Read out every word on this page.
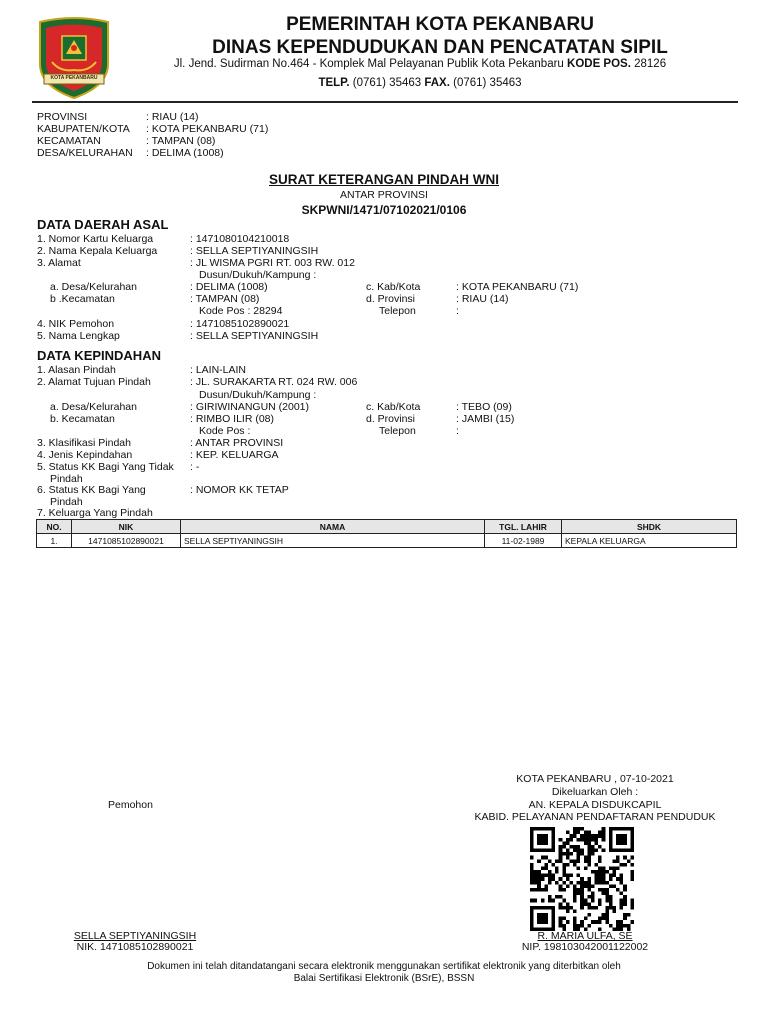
KOTA PEKANBARU
PEMERINTAH KOTA PEKANBARU
DINAS KEPENDUDUKAN DAN PENCATATAN SIPIL
Jl. Jend. Sudirman No.464 - Komplek Mal Pelayanan Publik Kota Pekanbaru KODE POS. 28126
TELP. (0761) 35463 FAX. (0761) 35463
PROVINSI	: RIAU (14)
KABUPATEN/KOTA : KOTA PEKANBARU (71)
KECAMATAN	: TAMPAN (08)
DESA/KELURAHAN : DELIMA (1008)
SURAT KETERANGAN PINDAH WNI
ANTAR PROVINSI
SKPWNI/1471/07102021/0106
DATA DAERAH ASAL
1. Nomor Kartu Keluarga	: 1471080104210018
2. Nama Kepala Keluarga	: SELLA SEPTIYANINGSIH
3. Alamat	: JL WISMA PGRI RT. 003 RW. 012
Dusun/Dukuh/Kampung :
a. Desa/Kelurahan	: DELIMA (1008)	c. Kab/Kota	: KOTA PEKANBARU (71)
b .Kecamatan	: TAMPAN (08)	d. Provinsi	: RIAU (14)
Kode Pos : 28294	Telepon	:
4. NIK Pemohon	: 1471085102890021
5. Nama Lengkap	: SELLA SEPTIYANINGSIH
DATA KEPINDAHAN
1. Alasan Pindah	: LAIN-LAIN
2. Alamat Tujuan Pindah	: JL. SURAKARTA RT. 024 RW. 006
Dusun/Dukuh/Kampung :
a. Desa/Kelurahan	: GIRIWINANGUN (2001)	c. Kab/Kota	: TEBO (09)
b. Kecamatan	: RIMBO ILIR (08)	d. Provinsi	: JAMBI (15)
Kode Pos :	Telepon	:
3. Klasifikasi Pindah	: ANTAR PROVINSI
4. Jenis Kepindahan	: KEP. KELUARGA
5. Status KK Bagi Yang Tidak : -
Pindah
6. Status KK Bagi Yang	: NOMOR KK TETAP
Pindah
7. Keluarga Yang Pindah
NO.	NIK	NAMA	TGL. LAHIR	SHDK
1.	1471085102890021	SELLA SEPTIYANINGSIH	11-02-1989	KEPALA KELUARGA
KOTA PEKANBARU , 07-10-2021
Dikeluarkan Oleh :
AN. KEPALA DISDUKCAPIL
KABID. PELAYANAN PENDAFTARAN PENDUDUK
Pemohon
SELLA SEPTIYANINGSIH
NIK. 1471085102890021
R. MARIA ULFA, SE
NIP. 198103042001122002
Dokumen ini telah ditandatangani secara elektronik menggunakan sertifikat elektronik yang diterbitkan oleh
Balai Sertifikasi Elektronik (BSrE), BSSN
